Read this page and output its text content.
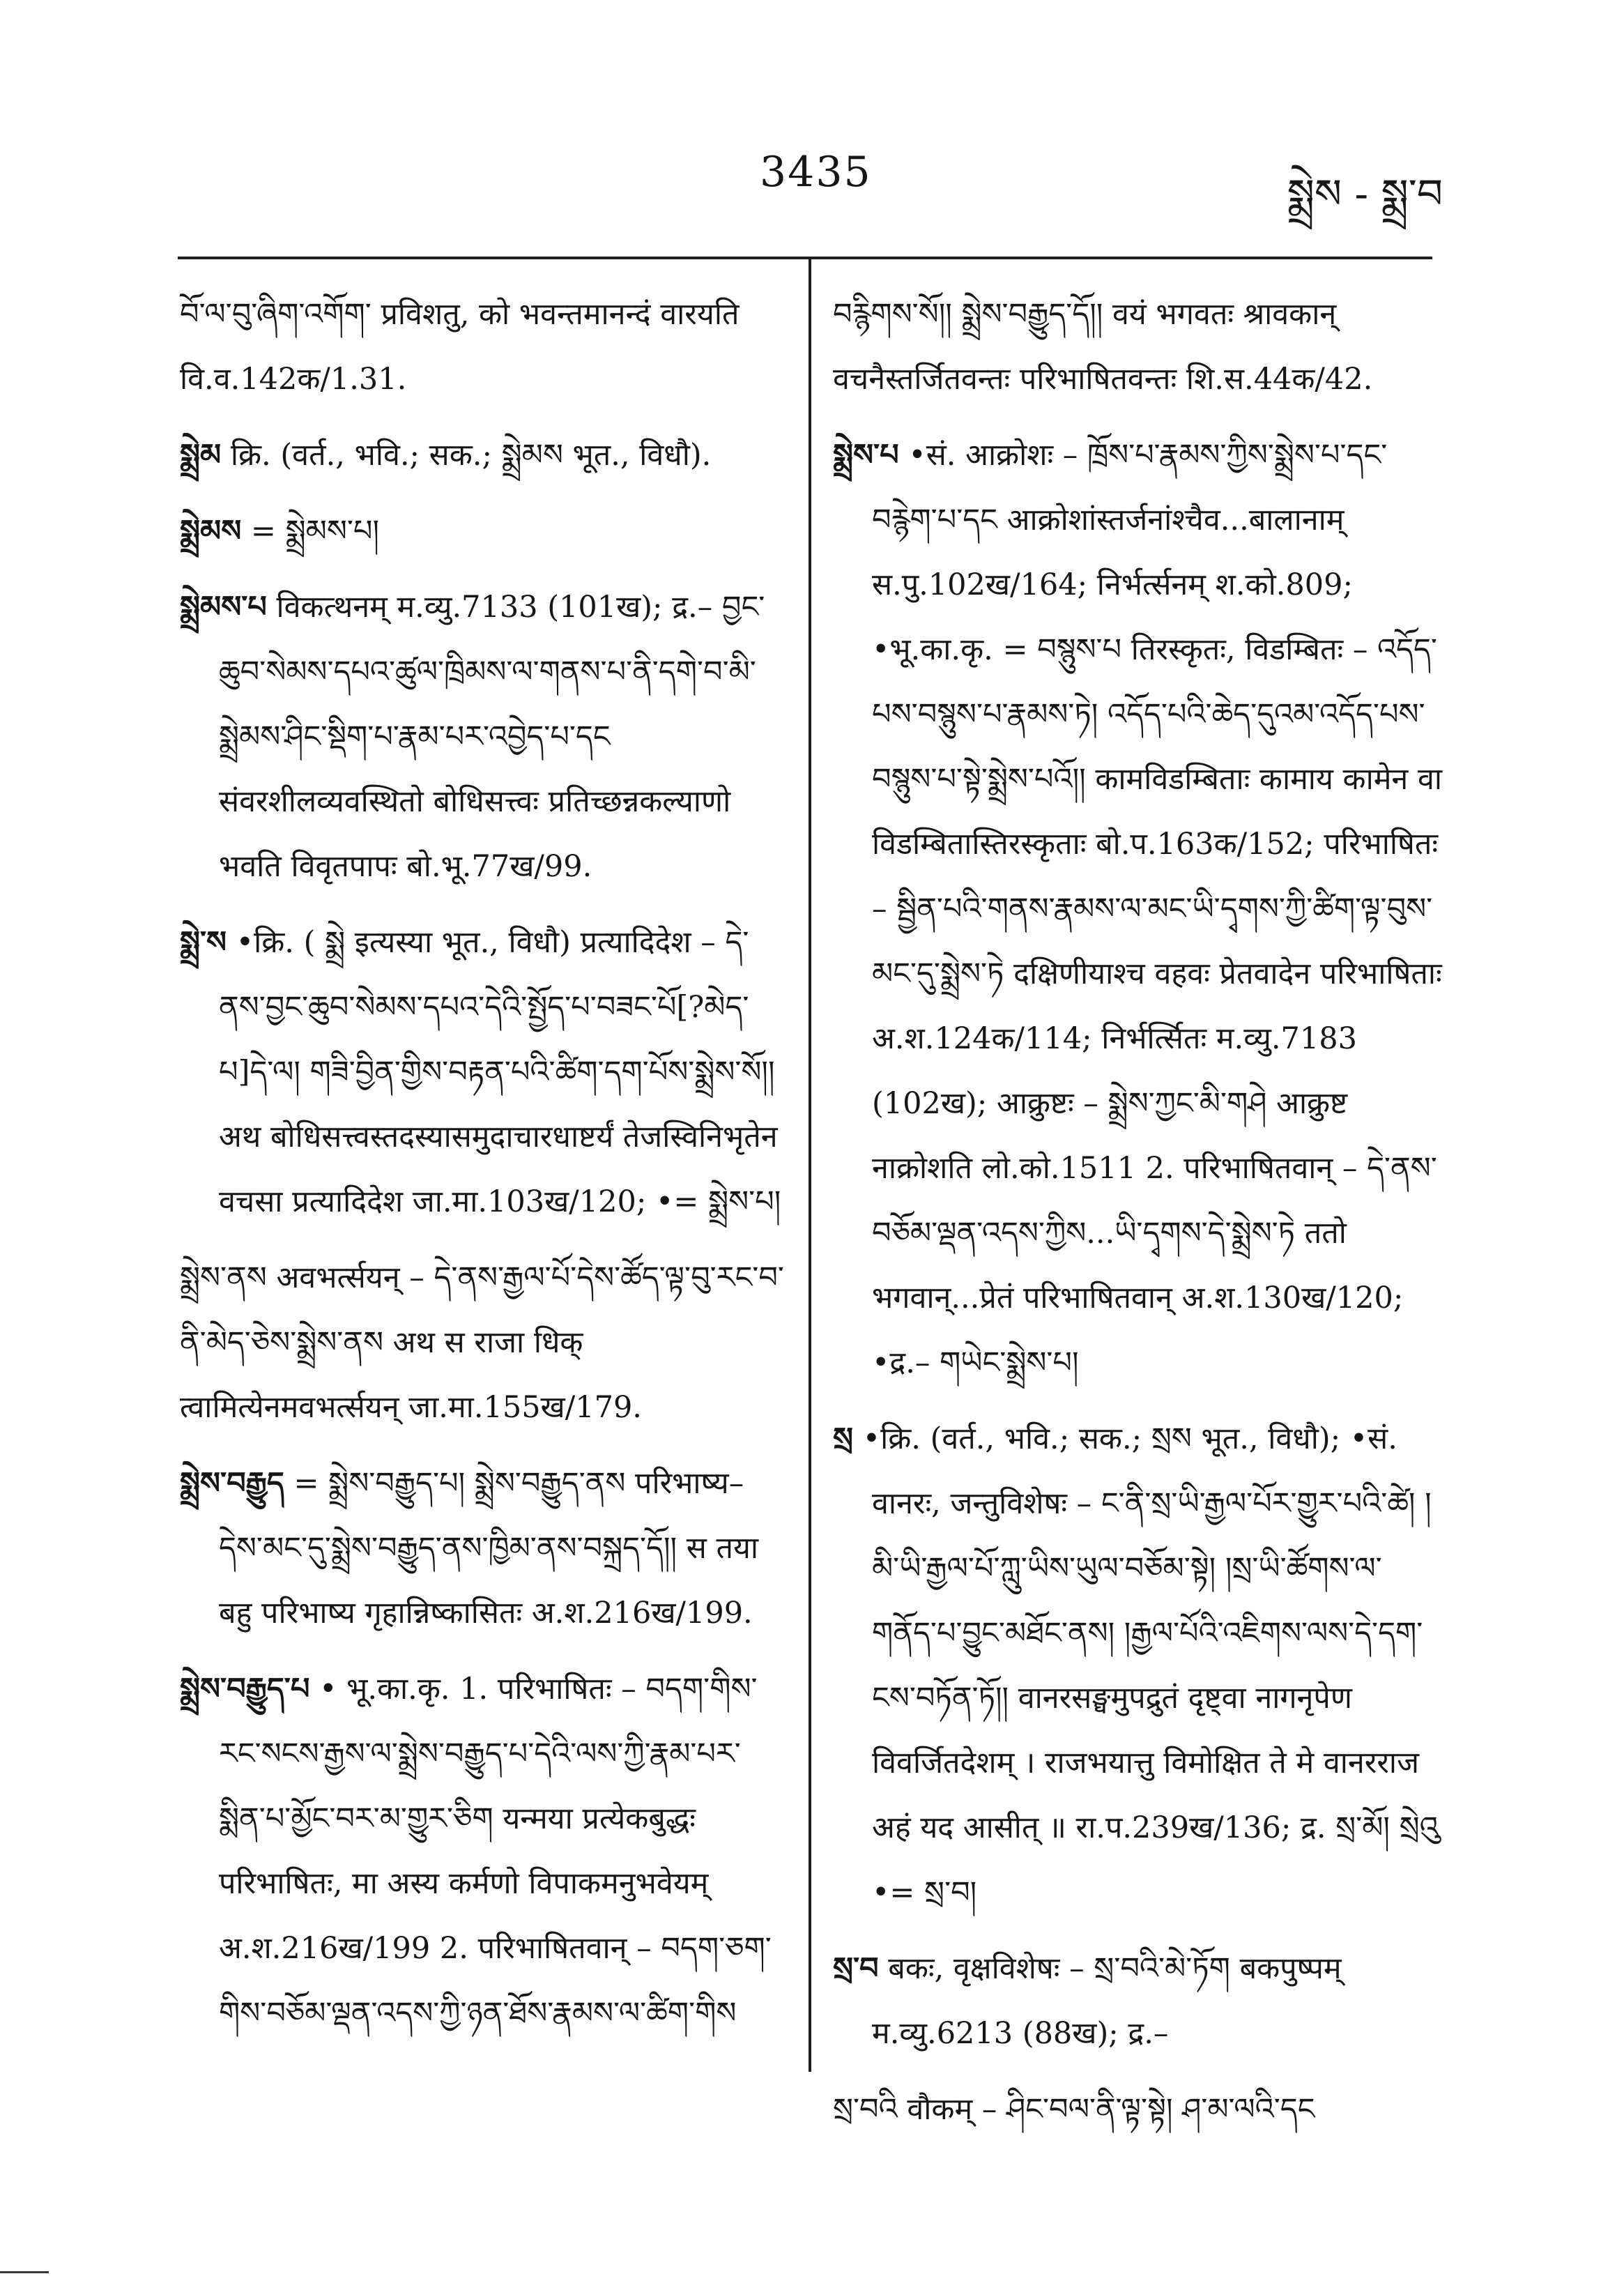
3435	སྨྲེས - སྨྲ་བ

བོ་ལ་བུ་ཞིག་འགོག་ प्रविशतु, को भवन्तमानन्दं वारयति वि.व.142क/1.31.

སྨྲེམ क्रि. (वर्त., भवि.; सक.; སྨྲེམས भूत., विधौ).

སྨྲེམས = སྨྲེམས་པ།

སྨྲེམས་པ विकत्थनम् म.व्यु.7133 (101ख); द्र.– བྱང་ཆུབ་སེམས་དཔའ་ཚུལ་ཁྲིམས་ལ་གནས་པ་ནི་དགེ་བ་མི་སྨྲེམས་ཤིང་སྡིག་པ་རྣམ་པར་འབྱེད་པ་དང संवरशीलव्यवस्थितो बोधिसत्त्वः प्रतिच्छन्नकल्याणो भवति विवृतपापः बो.भू.77ख/99.

སྨྲེ་ས •क्रि. ( སྨྲེ इत्यस्या भूत., विधौ) प्रत्यादिदेश – དེ་ནས་བྱང་ཆུབ་སེམས་དཔའ་དེའི་སྤྱོད་པ་བཟང་པོ[?མེད་པ]དེ་ལ། གཟི་བྱིན་གྱིས་བརྟན་པའི་ཚིག་དག་པོས་སྨྲེས་སོ།། अथ बोधिसत्त्वस्तदस्यासमुदाचारधाष्टर्यं तेजस्विनिभृतेन वचसा प्रत्यादिदेश जा.मा.103ख/120; •= སྨྲེས་པ།

སྨྲེས་ནས अवभर्त्सयन् – དེ་ནས་རྒྱལ་པོ་དེས་ཚོད་ལྟ་བུ་རང་བ་ནི་མེད་ཅེས་སྨྲེས་ནས अथ स राजा धिक् त्वामित्येनमवभर्त्सयन् जा.मा.155ख/179.

སྨྲེས་བརྒྱུད = སྨྲེས་བརྒྱུད་པ། སྨྲེས་བརྒྱུད་ནས परिभाष्य–དེས་མང་དུ་སྨྲེས་བརྒྱུད་ནས་ཁྱིམ་ནས་བསྐྲད་དོ།། स तया बहु परिभाष्य गृहान्निष्कासितः अ.श.216ख/199.

སྨྲེས་བརྒྱུད་པ • भू.का.कृ. 1. परिभाषितः – བདག་གིས་རང་སངས་རྒྱས་ལ་སྨྲེས་བརྒྱུད་པ་དེའི་ལས་ཀྱི་རྣམ་པར་སྨིན་པ་མྱོང་བར་མ་གྱུར་ཅིག यन्मया प्रत्येकबुद्धः परिभाषितः, मा अस्य कर्मणो विपाकमनुभवेयम् अ.श.216ख/199 2. परिभाषितवान् – བདག་ཅག་གིས་བཅོམ་ལྡན་འདས་ཀྱི་ཉན་ཐོས་རྣམས་ལ་ཚིག་གིས

བརྙིགས་སོ།། སྨྲེས་བརྒྱུད་དོ།། वयं भगवतः श्रावकान् वचनैस्तर्जितवन्तः परिभाषितवन्तः शि.स.44क/42.

སྨྲེས་པ •सं. आक्रोशः – ཁྲོས་པ་རྣམས་ཀྱིས་སྨྲེས་པ་དང་བརྙེག་པ་དང आक्रोशांस्तर्जनांश्चैव...बालानाम् स.पु.102ख/164; निर्भर्त्सनम् श.को.809; •भू.का.कृ. = བསྙུས་པ तिरस्कृतः, विडम्बितः – འདོད་པས་བསྙུས་པ་རྣམས་ཏེ། འདོད་པའི་ཆེད་དུའམ་འདོད་པས་བསྙུས་པ་སྟེ་སྨྲེས་པའོ།། कामविडम्बिताः कामाय कामेन वा विडम्बितास्तिरस्कृताः बो.प.163क/152; परिभाषितः – སྦྱིན་པའི་གནས་རྣམས་ལ་མང་ཡི་དྭགས་ཀྱི་ཚིག་ལྟ་བུས་མང་དུ་སྨྲེས་ཏེ दक्षिणीयाश्च वहवः प्रेतवादेन परिभाषिताः अ.श.124क/114; निर्भर्त्सितः म.व्यु.7183 (102ख); आक्रुष्टः – སྨྲེས་ཀྱང་མི་གཤེ आक्रुष्ट नाक्रोशति लो.को.1511 2. परिभाषितवान् – དེ་ནས་བཅོམ་ལྡན་འདས་ཀྱིས...ཡི་དྭགས་དེ་སྨྲེས་ཏེ ततो भगवान्...प्रेतं परिभाषितवान् अ.श.130ख/120; •द्र.– གཡེང་སྨྲེས་པ།

སྲ •क्रि. (वर्त., भवि.; सक.; སྲས भूत., विधौ); •सं. वानरः, जन्तुविशेषः – ང་ནི་སྲ་ཡི་རྒྱལ་པོར་གྱུར་པའི་ཚེ། །མི་ཡི་རྒྱལ་པོ་ཀླུ་ཡིས་ཡུལ་བཅོམ་སྟེ། །སྲ་ཡི་ཚོགས་ལ་གནོད་པ་བྱུང་མཐོང་ནས། །རྒྱལ་པོའི་འཇིགས་ལས་དེ་དག་ངས་བཏོན་ཏོ།། वानरसङ्घमुपद्रुतं दृष्ट्वा नागनृपेण विवर्जितदेशम् । राजभयात्तु विमोक्षित ते मे वानरराज अहं यद आसीत् ॥ रा.प.239ख/136; द्र. སྲ་མོ། སྲེའུ •= སྲ་བ།

སྲ་བ बकः, वृक्षविशेषः – སྲ་བའི་མེ་ཏོག बकपुष्पम् म.व्यु.6213 (88ख); द्र.–

སྲ་བའི वौकम् – ཤིང་བལ་ནི་ལྟ་སྟེ། ཤ་མ་ལའི་དང
